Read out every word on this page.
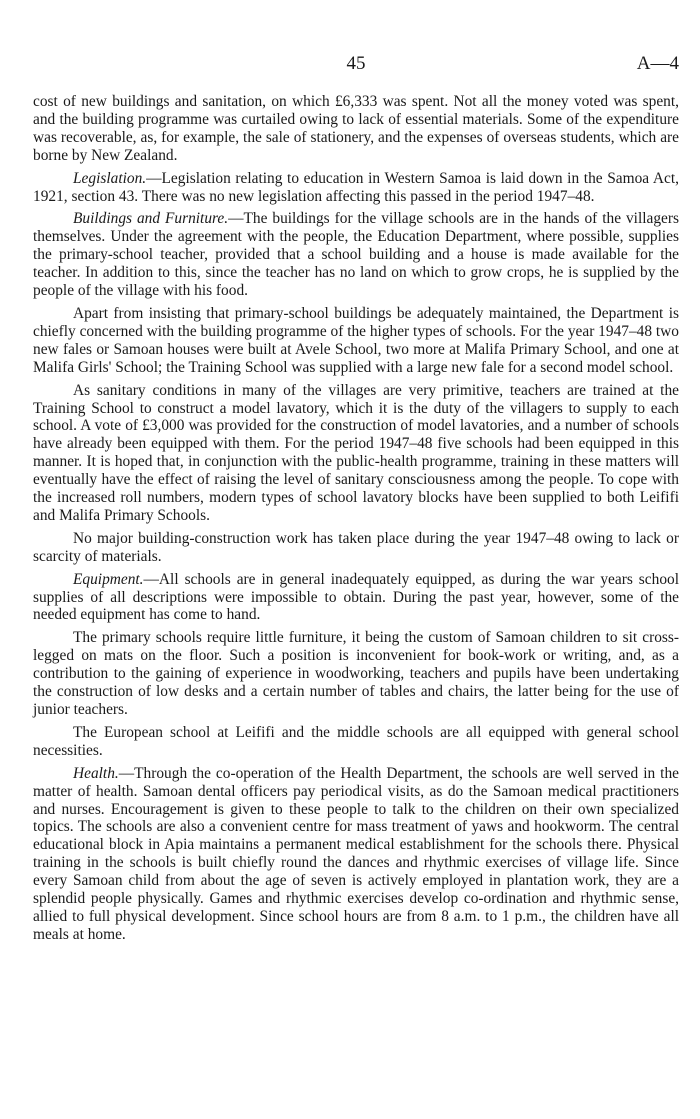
45	A—4

cost of new buildings and sanitation, on which £6,333 was spent. Not all the money voted was spent, and the building programme was curtailed owing to lack of essential materials. Some of the expenditure was recoverable, as, for example, the sale of stationery, and the expenses of overseas students, which are borne by New Zealand.

Legislation.—Legislation relating to education in Western Samoa is laid down in the Samoa Act, 1921, section 43. There was no new legislation affecting this passed in the period 1947–48.

Buildings and Furniture.—The buildings for the village schools are in the hands of the villagers themselves. Under the agreement with the people, the Education Department, where possible, supplies the primary-school teacher, provided that a school building and a house is made available for the teacher. In addition to this, since the teacher has no land on which to grow crops, he is supplied by the people of the village with his food.

Apart from insisting that primary-school buildings be adequately maintained, the Department is chiefly concerned with the building programme of the higher types of schools. For the year 1947–48 two new fales or Samoan houses were built at Avele School, two more at Malifa Primary School, and one at Malifa Girls' School; the Training School was supplied with a large new fale for a second model school.

As sanitary conditions in many of the villages are very primitive, teachers are trained at the Training School to construct a model lavatory, which it is the duty of the villagers to supply to each school. A vote of £3,000 was provided for the construction of model lavatories, and a number of schools have already been equipped with them. For the period 1947–48 five schools had been equipped in this manner. It is hoped that, in conjunction with the public-health programme, training in these matters will eventually have the effect of raising the level of sanitary consciousness among the people. To cope with the increased roll numbers, modern types of school lavatory blocks have been supplied to both Leififi and Malifa Primary Schools.

No major building-construction work has taken place during the year 1947–48 owing to lack or scarcity of materials.

Equipment.—All schools are in general inadequately equipped, as during the war years school supplies of all descriptions were impossible to obtain. During the past year, however, some of the needed equipment has come to hand.

The primary schools require little furniture, it being the custom of Samoan children to sit cross-legged on mats on the floor. Such a position is inconvenient for book-work or writing, and, as a contribution to the gaining of experience in woodworking, teachers and pupils have been undertaking the construction of low desks and a certain number of tables and chairs, the latter being for the use of junior teachers.

The European school at Leififi and the middle schools are all equipped with general school necessities.

Health.—Through the co-operation of the Health Department, the schools are well served in the matter of health. Samoan dental officers pay periodical visits, as do the Samoan medical practitioners and nurses. Encouragement is given to these people to talk to the children on their own specialized topics. The schools are also a convenient centre for mass treatment of yaws and hookworm. The central educational block in Apia maintains a permanent medical establishment for the schools there. Physical training in the schools is built chiefly round the dances and rhythmic exercises of village life. Since every Samoan child from about the age of seven is actively employed in plantation work, they are a splendid people physically. Games and rhythmic exercises develop co-ordination and rhythmic sense, allied to full physical development. Since school hours are from 8 a.m. to 1 p.m., the children have all meals at home.
